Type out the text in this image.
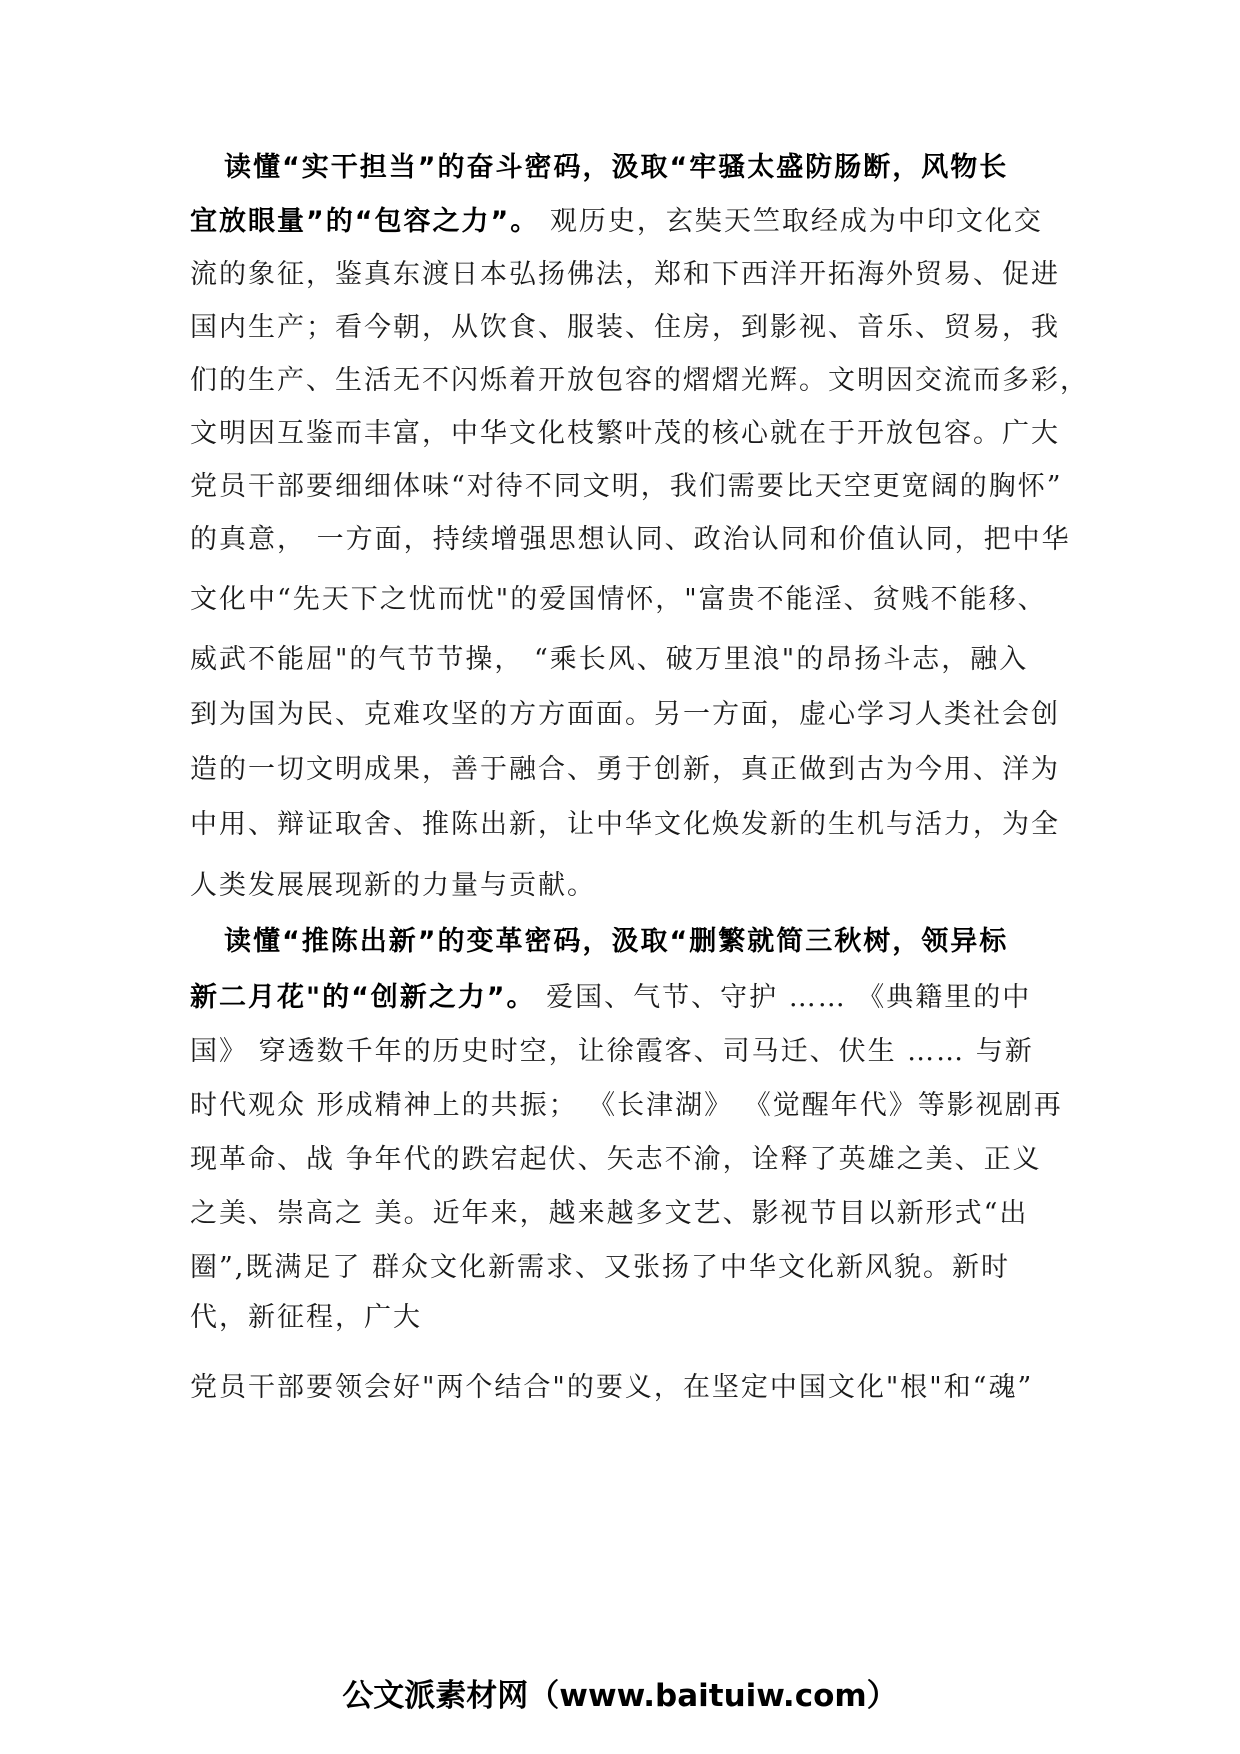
读懂“实干担当”的奋斗密码，汲取“牢骚太盛防肠断，风物长
宜放眼量”的“包容之力”。 观历史，玄奘天竺取经成为中印文化交
流的象征，鉴真东渡日本弘扬佛法，郑和下西洋开拓海外贸易、促进
国内生产；看今朝，从饮食、服装、住房，到影视、音乐、贸易，我
们的生产、生活无不闪烁着开放包容的熠熠光辉。文明因交流而多彩，
文明因互鉴而丰富，中华文化枝繁叶茂的核心就在于开放包容。广大
党员干部要细细体味“对待不同文明，我们需要比天空更宽阔的胸怀”
的真意， 一方面，持续增强思想认同、政治认同和价值认同，把中华
文化中“先天下之忧而忧"的爱国情怀，"富贵不能淫、贫贱不能移、
威武不能屈"的气节节操， “乘长风、破万里浪"的昂扬斗志，融入
到为国为民、克难攻坚的方方面面。另一方面，虚心学习人类社会创
造的一切文明成果，善于融合、勇于创新，真正做到古为今用、洋为
中用、辩证取舍、推陈出新，让中华文化焕发新的生机与活力，为全
人类发展展现新的力量与贡献。
读懂“推陈出新”的变革密码，汲取“删繁就简三秋树，领异标
新二月花"的“创新之力”。 爱国、气节、守护 …… 《典籍里的中
国》 穿透数千年的历史时空，让徐霞客、司马迁、伏生 …… 与新
时代观众 形成精神上的共振； 《长津湖》 《觉醒年代》等影视剧再
现革命、战 争年代的跌宕起伏、矢志不渝，诠释了英雄之美、正义
之美、崇高之 美。近年来，越来越多文艺、影视节目以新形式“出
圈”,既满足了 群众文化新需求、又张扬了中华文化新风貌。新时
代，新征程，广大
党员干部要领会好"两个结合"的要义，在坚定中国文化"根"和“魂”
公文派素材网（www.baituiw.com）
